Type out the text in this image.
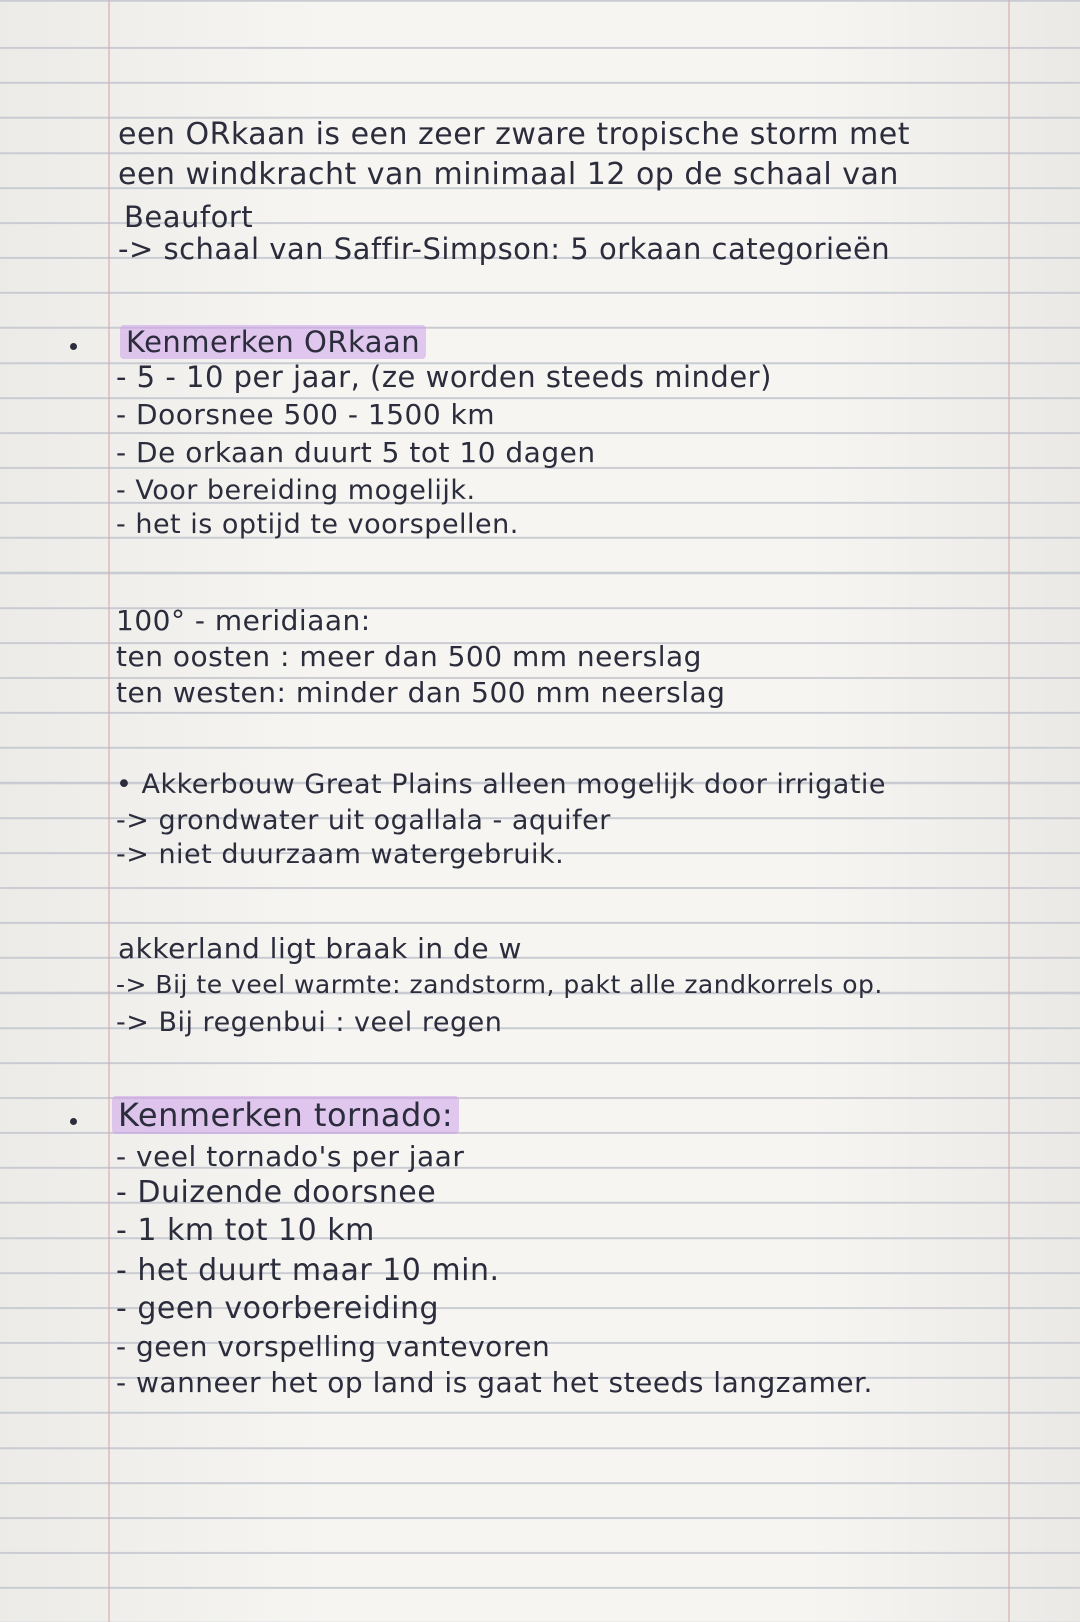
een ORkaan is een zeer zware tropische storm met
een windkracht van minimaal 12 op de schaal van
Beaufort
-> schaal van Saffir-Simpson: 5 orkaan categorieën
Kenmerken ORkaan
- 5 - 10 per jaar, (ze worden steeds minder)
- Doorsnee 500 - 1500 km
- De orkaan duurt 5 tot 10 dagen
- Voor bereiding mogelijk.
- het is optijd te voorspellen.
100° - meridiaan:
ten oosten : meer dan 500 mm neerslag
ten westen: minder dan 500 mm neerslag
• Akkerbouw Great Plains alleen mogelijk door irrigatie
-> grondwater uit ogallala - aquifer
-> niet duurzaam watergebruik.
akkerland ligt braak in de w
-> Bij te veel warmte: zandstorm, pakt alle zandkorrels op.
-> Bij regenbui : veel regen
Kenmerken tornado:
- veel tornado's per jaar
- Duizende doorsnee
- 1 km tot 10 km
- het duurt maar 10 min.
- geen voorbereiding
- geen vorspelling vantevoren
- wanneer het op land is gaat het steeds langzamer.
